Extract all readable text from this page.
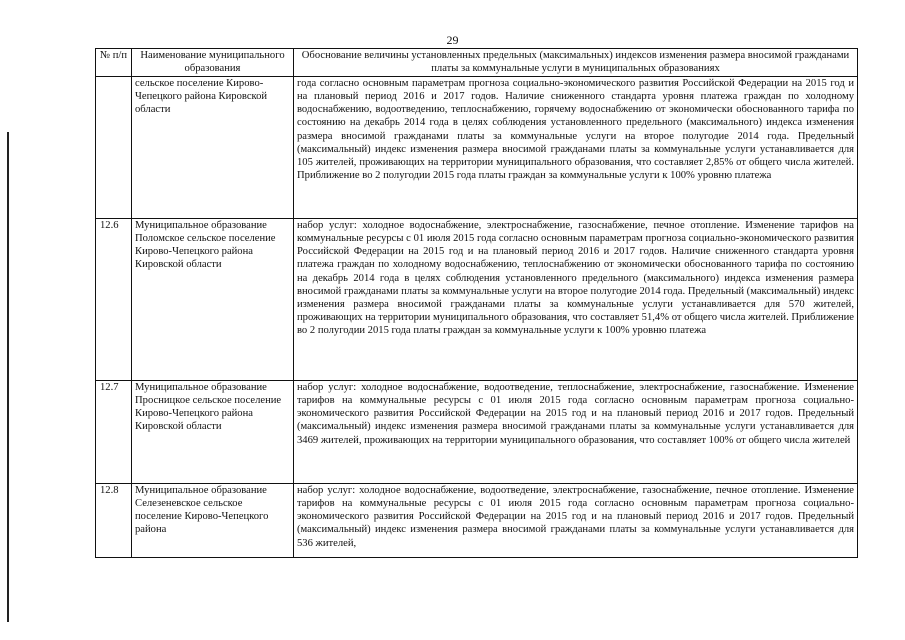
29
№ п/п	Наименование муниципального образования	Обоснование величины установленных предельных (максимальных) индексов изменения размера вносимой гражданами платы за коммунальные услуги в муниципальных образованиях
	сельское поселение Кирово-Чепецкого района Кировской области	года согласно основным параметрам прогноза социально-экономического развития Российской Федерации на 2015 год и на плановый период 2016 и 2017 годов. Наличие сниженного стандарта уровня платежа граждан по холодному водоснабжению, водоотведению, теплоснабжению, горячему водоснабжению от экономически обоснованного тарифа по состоянию на декабрь 2014 года в целях соблюдения установленного предельного (максимального) индекса изменения размера вносимой гражданами платы за коммунальные услуги на второе полугодие 2014 года. Предельный (максимальный) индекс изменения размера вносимой гражданами платы за коммунальные услуги устанавливается для 105 жителей, проживающих на территории муниципального образования, что составляет 2,85% от общего числа жителей. Приближение во 2 полугодии 2015 года платы граждан за коммунальные услуги к 100% уровню платежа
12.6	Муниципальное образование Поломское сельское поселение Кирово-Чепецкого района Кировской области	набор услуг: холодное водоснабжение, электроснабжение, газоснабжение, печное отопление. Изменение тарифов на коммунальные ресурсы с 01 июля 2015 года согласно основным параметрам прогноза социально-экономического развития Российской Федерации на 2015 год и на плановый период 2016 и 2017 годов. Наличие сниженного стандарта уровня платежа граждан по холодному водоснабжению, теплоснабжению от экономически обоснованного тарифа по состоянию на декабрь 2014 года в целях соблюдения установленного предельного (максимального) индекса изменения размера вносимой гражданами платы за коммунальные услуги на второе полугодие 2014 года. Предельный (максимальный) индекс изменения размера вносимой гражданами платы за коммунальные услуги устанавливается для 570 жителей, проживающих на территории муниципального образования, что составляет 51,4% от общего числа жителей. Приближение во 2 полугодии 2015 года платы граждан за коммунальные услуги к 100% уровню платежа
12.7	Муниципальное образование Просницкое сельское поселение Кирово-Чепецкого района Кировской области	набор услуг: холодное водоснабжение, водоотведение, теплоснабжение, электроснабжение, газоснабжение. Изменение тарифов на коммунальные ресурсы с 01 июля 2015 года согласно основным параметрам прогноза социально-экономического развития Российской Федерации на 2015 год и на плановый период 2016 и 2017 годов. Предельный (максимальный) индекс изменения размера вносимой гражданами платы за коммунальные услуги устанавливается для 3469 жителей, проживающих на территории муниципального образования, что составляет 100% от общего числа жителей
12.8	Муниципальное образование Селезеневское сельское поселение Кирово-Чепецкого района	набор услуг: холодное водоснабжение, водоотведение, электроснабжение, газоснабжение, печное отопление. Изменение тарифов на коммунальные ресурсы с 01 июля 2015 года согласно основным параметрам прогноза социально-экономического развития Российской Федерации на 2015 год и на плановый период 2016 и 2017 годов. Предельный (максимальный) индекс изменения размера вносимой гражданами платы за коммунальные услуги устанавливается для 536 жителей,
